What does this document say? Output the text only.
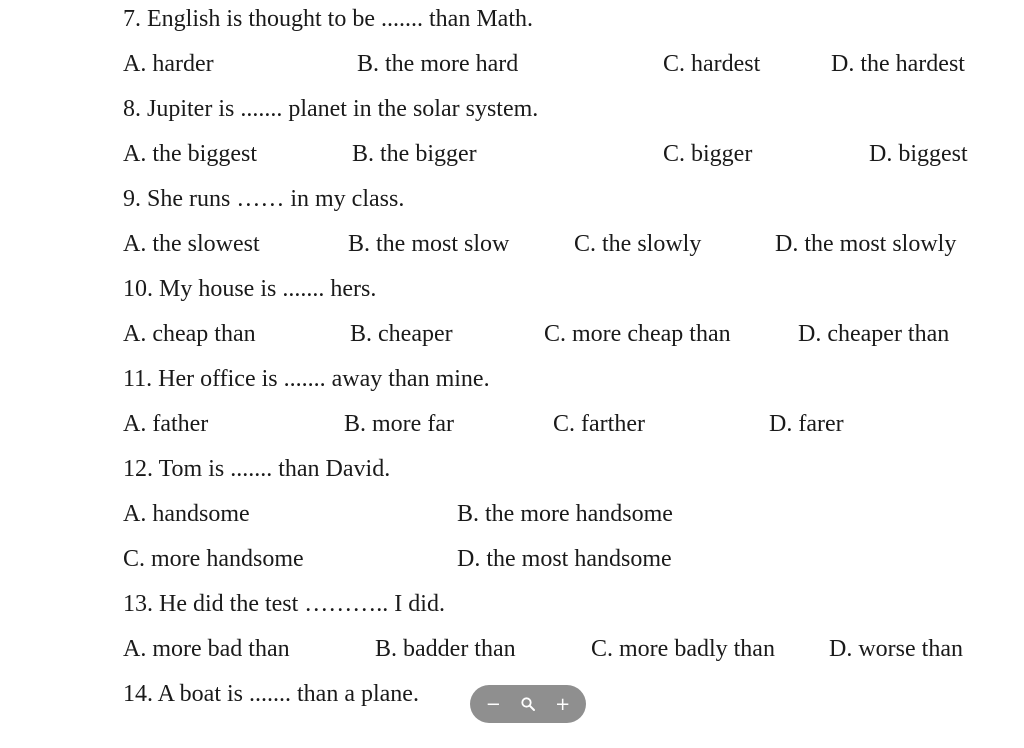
7. English is thought to be ....... than Math.
A. harder	B. the more hard	C. hardest	D. the hardest
8. Jupiter is ....... planet in the solar system.
A. the biggest	B. the bigger	C. bigger	D. biggest
9. She runs …… in my class.
A. the slowest	B. the most slow	C. the slowly	D. the most slowly
10. My house is ....... hers.
A. cheap than	B. cheaper	C. more cheap than	D. cheaper than
11. Her office is ....... away than mine.
A. father	B. more far	C. farther	D. farer
12. Tom is ....... than David.
A. handsome	B. the more handsome
C. more handsome	D. the most handsome
13. He did the test ……….. I did.
A. more bad than	B. badder than	C. more badly than D. worse than
14. A boat is ....... than a plane.	−	+
